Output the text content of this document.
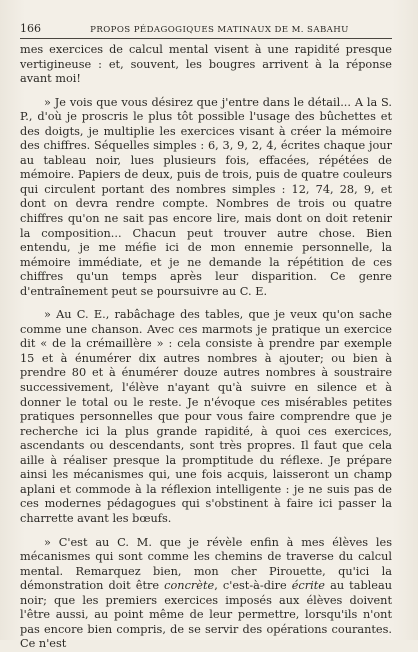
166	PROPOS PÉDAGOGIQUES MATINAUX DE M. SABAHU

mes exercices de calcul mental visent à une rapidité presque vertigineuse : et, souvent, les bougres arrivent à la réponse avant moi!

» Je vois que vous désirez que j'entre dans le détail... A la S. P., d'où je proscris le plus tôt possible l'usage des bûchettes et des doigts, je multiplie les exercices visant à créer la mémoire des chiffres. Séquelles simples : 6, 3, 9, 2, 4, écrites chaque jour au tableau noir, lues plusieurs fois, effacées, répétées de mémoire. Papiers de deux, puis de trois, puis de quatre couleurs qui circulent portant des nombres simples : 12, 74, 28, 9, et dont on devra rendre compte. Nombres de trois ou quatre chiffres qu'on ne sait pas encore lire, mais dont on doit retenir la composition... Chacun peut trouver autre chose. Bien entendu, je me méfie ici de mon ennemie personnelle, la mémoire immédiate, et je ne demande la répétition de ces chiffres qu'un temps après leur disparition. Ce genre d'entraînement peut se poursuivre au C. E.

» Au C. E., rabâchage des tables, que je veux qu'on sache comme une chanson. Avec ces marmots je pratique un exercice dit « de la crémaillère » : cela consiste à prendre par exemple 15 et à énumérer dix autres nombres à ajouter; ou bien à prendre 80 et à énumérer douze autres nombres à soustraire successivement, l'élève n'ayant qu'à suivre en silence et à donner le total ou le reste. Je n'évoque ces misérables petites pratiques personnelles que pour vous faire comprendre que je recherche ici la plus grande rapidité, à quoi ces exercices, ascendants ou descendants, sont très propres. Il faut que cela aille à réaliser presque la promptitude du réflexe. Je prépare ainsi les mécanismes qui, une fois acquis, laisseront un champ aplani et commode à la réflexion intelligente : je ne suis pas de ces modernes pédagogues qui s'obstinent à faire ici passer la charrette avant les bœufs.

» C'est au C. M. que je révèle enfin à mes élèves les mécanismes qui sont comme les chemins de traverse du calcul mental. Remarquez bien, mon cher Pirouette, qu'ici la démonstration doit être concrète, c'est-à-dire écrite au tableau noir; que les premiers exercices imposés aux élèves doivent l'être aussi, au point même de leur permettre, lorsqu'ils n'ont pas encore bien compris, de se servir des opérations courantes. Ce n'est
